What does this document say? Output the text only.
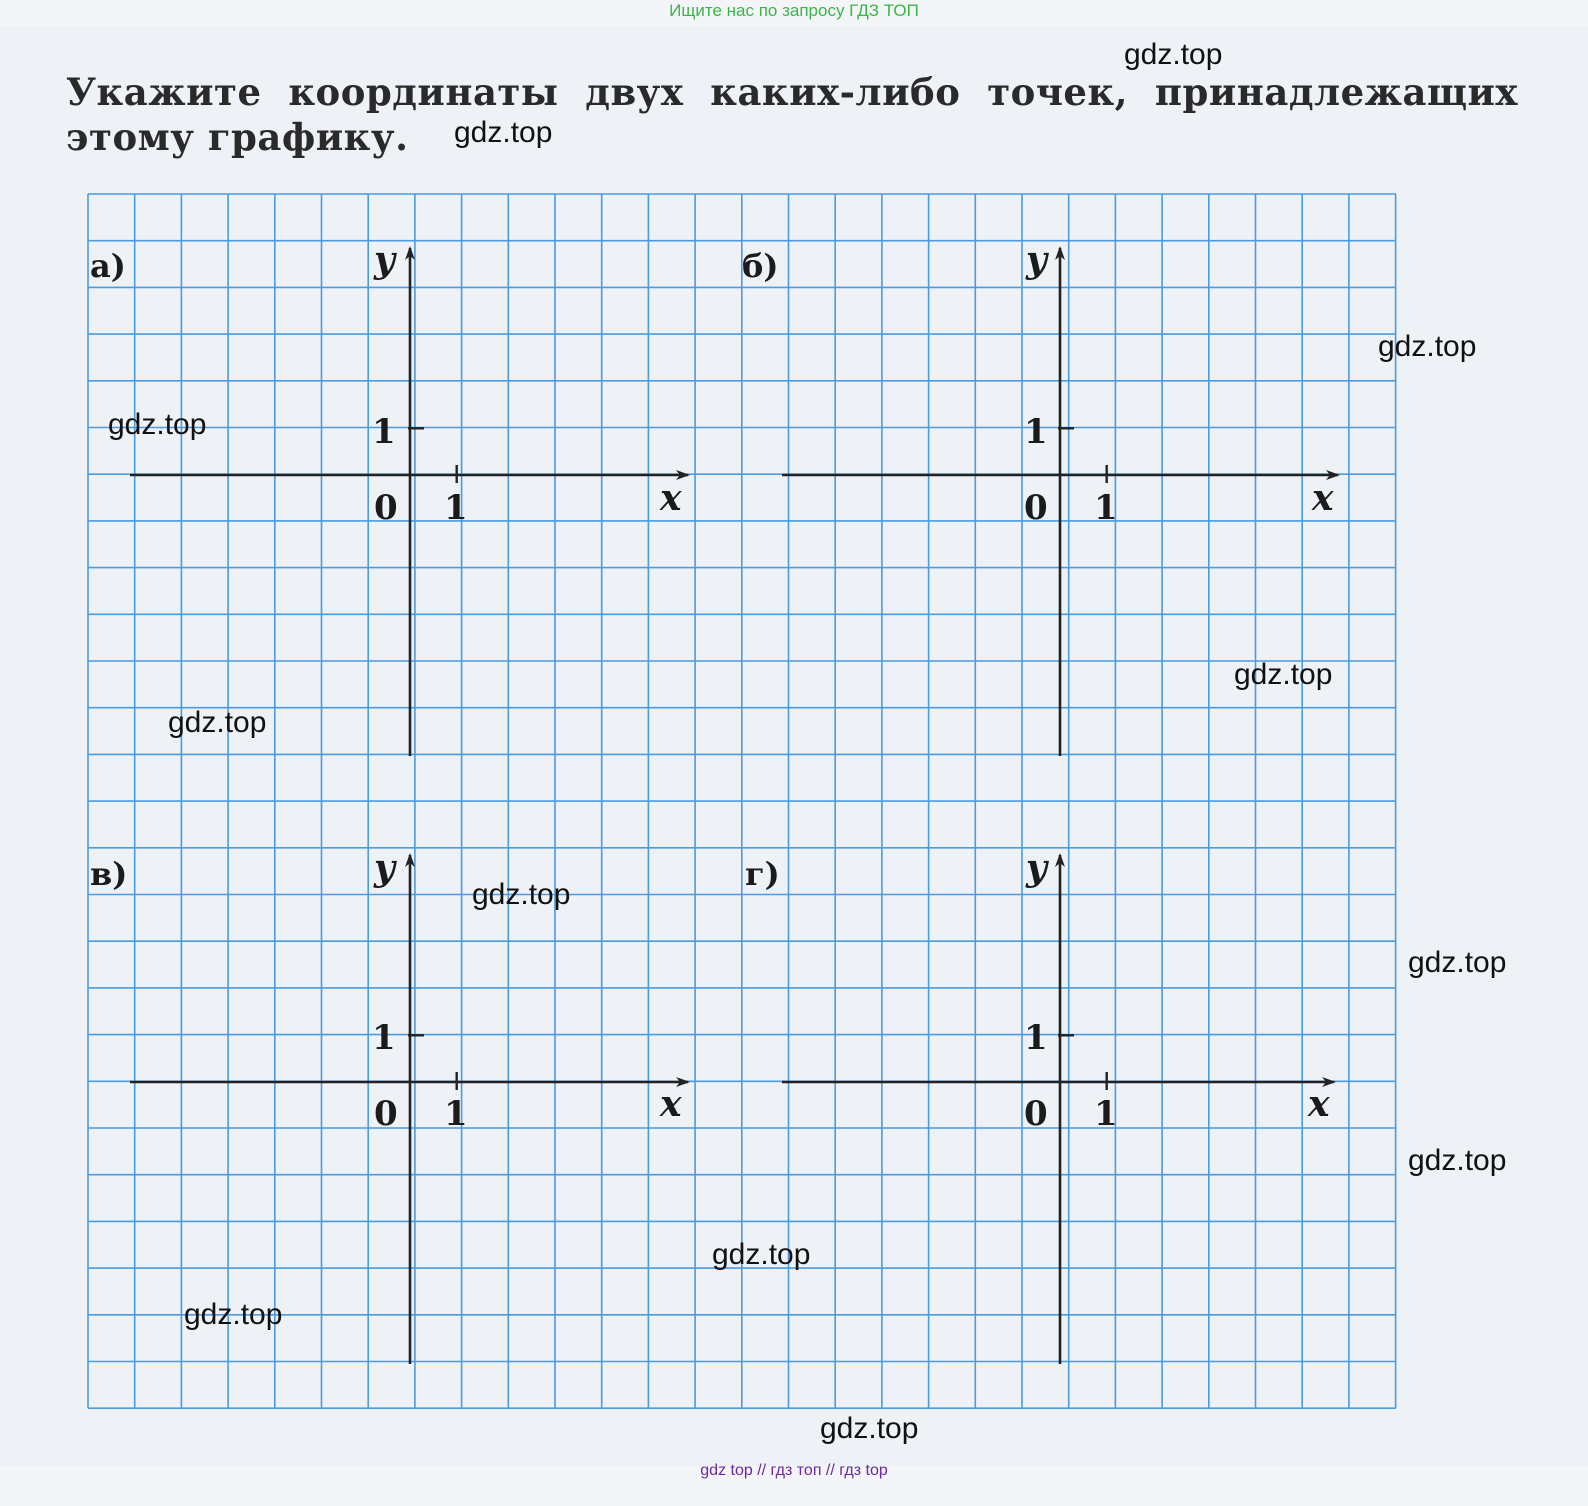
Ищите нас по запросу ГДЗ ТОП
Укажите координаты двух каких-либо точек, принадлежащих
этому графику.
а)	б)
в)	г)
y
x
1
0 1
y
x
1
0 1
y
x
1
0 1
y
x
1
0 1
gdz.top
gdz.top
gdz.top
gdz.top
gdz.top
gdz.top
gdz.top
gdz.top
gdz.top
gdz.top
gdz.top
gdz.top
gdz top // гдз топ // гдз top
